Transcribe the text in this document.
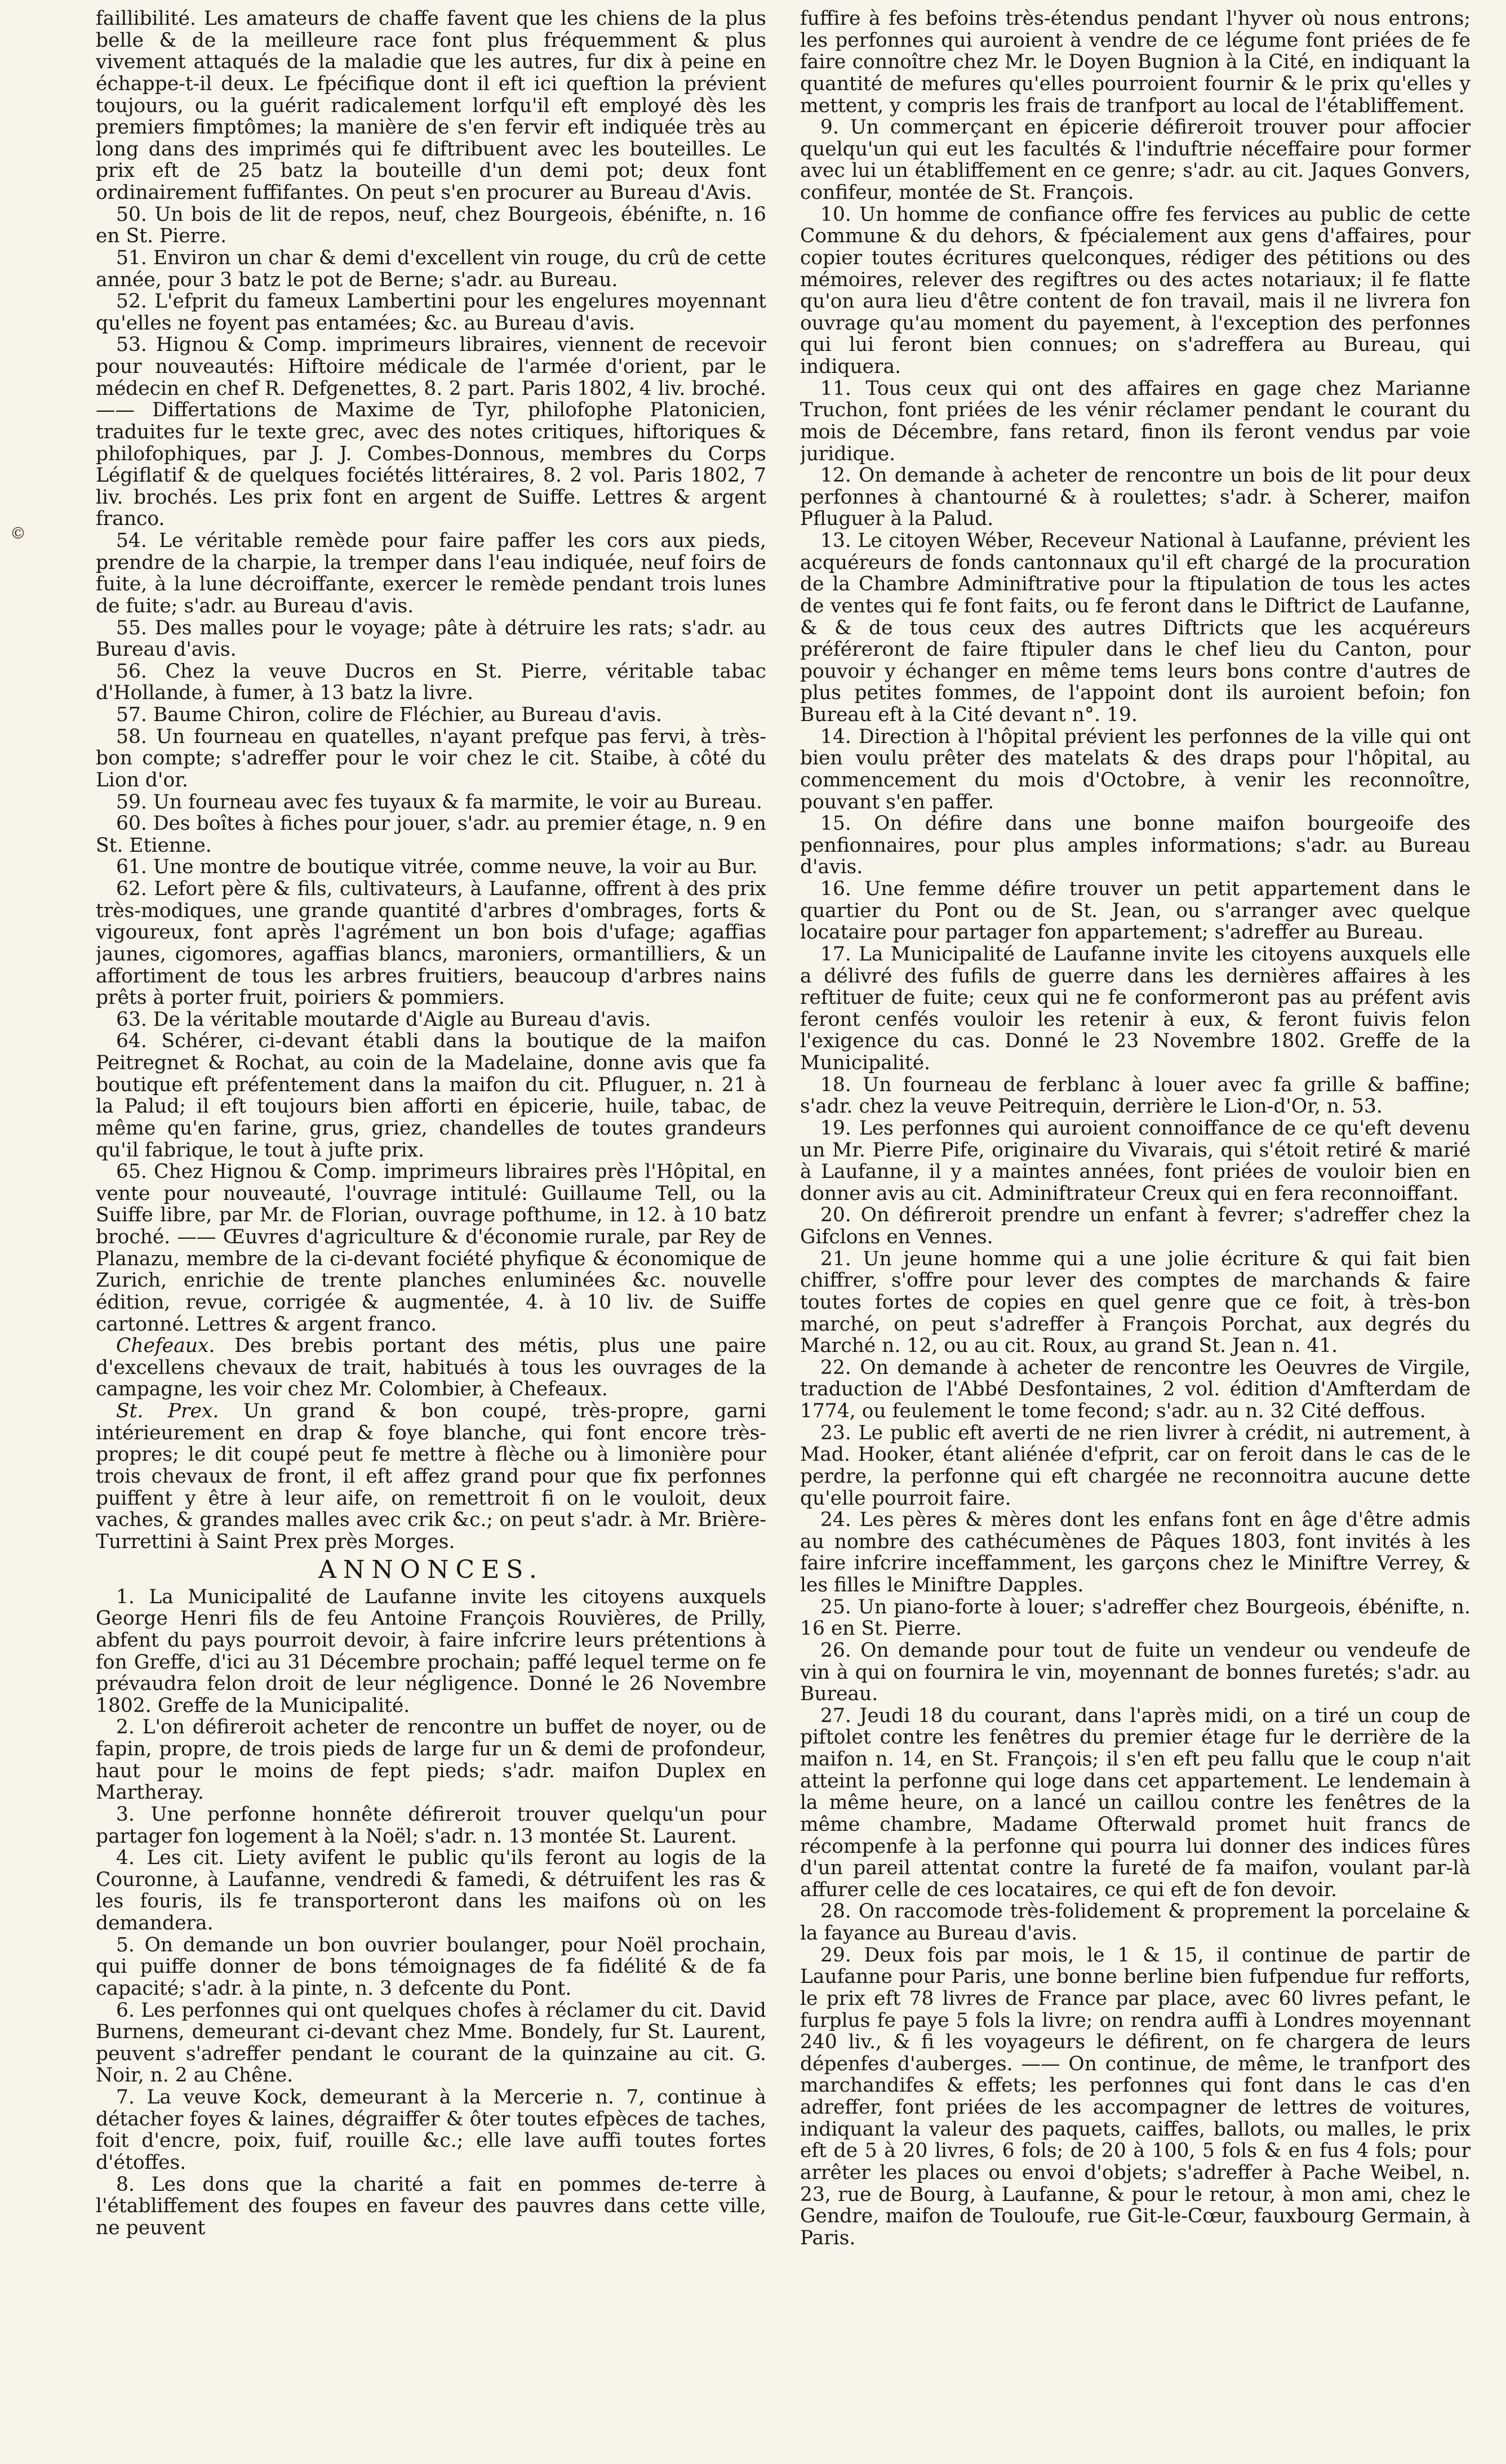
©

faillibilité. Les amateurs de chaffe favent que les chiens de la plus belle & de la meilleure race font plus fréquemment & plus vivement attaqués de la maladie que les autres, fur dix à peine en échappe-t-il deux. Le fpécifique dont il eft ici queftion la prévient toujours, ou la guérit radicalement lorfqu'il eft employé dès les premiers fimptômes; la manière de s'en fervir eft indiquée très au long dans des imprimés qui fe diftribuent avec les bouteilles. Le prix eft de 25 batz la bouteille d'un demi pot; deux font ordinairement fuffifantes. On peut s'en procurer au Bureau d'Avis.

50. Un bois de lit de repos, neuf, chez Bourgeois, ébénifte, n. 16 en St. Pierre.

51. Environ un char & demi d'excellent vin rouge, du crû de cette année, pour 3 batz le pot de Berne; s'adr. au Bureau.

52. L'efprit du fameux Lambertini pour les engelures moyennant qu'elles ne foyent pas entamées; &c. au Bureau d'avis.

53. Hignou & Comp. imprimeurs libraires, viennent de recevoir pour nouveautés: Hiftoire médicale de l'armée d'orient, par le médecin en chef R. Defgenettes, 8. 2 part. Paris 1802, 4 liv. broché. —— Differtations de Maxime de Tyr, philofophe Platonicien, traduites fur le texte grec, avec des notes critiques, hiftoriques & philofophiques, par J. J. Combes-Donnous, membres du Corps Légiflatif & de quelques fociétés littéraires, 8. 2 vol. Paris 1802, 7 liv. brochés. Les prix font en argent de Suiffe. Lettres & argent franco.

54. Le véritable remède pour faire paffer les cors aux pieds, prendre de la charpie, la tremper dans l'eau indiquée, neuf foirs de fuite, à la lune décroiffante, exercer le remède pendant trois lunes de fuite; s'adr. au Bureau d'avis.

55. Des malles pour le voyage; pâte à détruire les rats; s'adr. au Bureau d'avis.

56. Chez la veuve Ducros en St. Pierre, véritable tabac d'Hollande, à fumer, à 13 batz la livre.

57. Baume Chiron, colire de Fléchier, au Bureau d'avis.

58. Un fourneau en quatelles, n'ayant prefque pas fervi, à très-bon compte; s'adreffer pour le voir chez le cit. Staibe, à côté du Lion d'or.

59. Un fourneau avec fes tuyaux & fa marmite, le voir au Bureau.

60. Des boîtes à fiches pour jouer, s'adr. au premier étage, n. 9 en St. Etienne.

61. Une montre de boutique vitrée, comme neuve, la voir au Bur.

62. Lefort père & fils, cultivateurs, à Laufanne, offrent à des prix très-modiques, une grande quantité d'arbres d'ombrages, forts & vigoureux, font après l'agrément un bon bois d'ufage; agaffias jaunes, cigomores, agaffias blancs, maroniers, ormantilliers, & un affortiment de tous les arbres fruitiers, beaucoup d'arbres nains prêts à porter fruit, poiriers & pommiers.

63. De la véritable moutarde d'Aigle au Bureau d'avis.

64. Schérer, ci-devant établi dans la boutique de la maifon Peitregnet & Rochat, au coin de la Madelaine, donne avis que fa boutique eft préfentement dans la maifon du cit. Pfluguer, n. 21 à la Palud; il eft toujours bien afforti en épicerie, huile, tabac, de même qu'en farine, grus, griez, chandelles de toutes grandeurs qu'il fabrique, le tout à jufte prix.

65. Chez Hignou & Comp. imprimeurs libraires près l'Hôpital, en vente pour nouveauté, l'ouvrage intitulé: Guillaume Tell, ou la Suiffe libre, par Mr. de Florian, ouvrage pofthume, in 12. à 10 batz broché. —— Œuvres d'agriculture & d'économie rurale, par Rey de Planazu, membre de la ci-devant fociété phyfique & économique de Zurich, enrichie de trente planches enluminées &c. nouvelle édition, revue, corrigée & augmentée, 4. à 10 liv. de Suiffe cartonné. Lettres & argent franco.

Chefeaux. Des brebis portant des métis, plus une paire d'excellens chevaux de trait, habitués à tous les ouvrages de la campagne, les voir chez Mr. Colombier, à Chefeaux.

St. Prex. Un grand & bon coupé, très-propre, garni intérieurement en drap & foye blanche, qui font encore très-propres; le dit coupé peut fe mettre à flèche ou à limonière pour trois chevaux de front, il eft affez grand pour que fix perfonnes puiffent y être à leur aife, on remettroit fi on le vouloit, deux vaches, & grandes malles avec crik &c.; on peut s'adr. à Mr. Brière-Turrettini à Saint Prex près Morges.

ANNONCES.

1. La Municipalité de Laufanne invite les citoyens auxquels George Henri fils de feu Antoine François Rouvières, de Prilly, abfent du pays pourroit devoir, à faire infcrire leurs prétentions à fon Greffe, d'ici au 31 Décembre prochain; paffé lequel terme on fe prévaudra felon droit de leur négligence. Donné le 26 Novembre 1802. Greffe de la Municipalité.

2. L'on défireroit acheter de rencontre un buffet de noyer, ou de fapin, propre, de trois pieds de large fur un & demi de profondeur, haut pour le moins de fept pieds; s'adr. maifon Duplex en Martheray.

3. Une perfonne honnête défireroit trouver quelqu'un pour partager fon logement à la Noël; s'adr. n. 13 montée St. Laurent.

4. Les cit. Liety avifent le public qu'ils feront au logis de la Couronne, à Laufanne, vendredi & famedi, & détruifent les ras & les fouris, ils fe transporteront dans les maifons où on les demandera.

5. On demande un bon ouvrier boulanger, pour Noël prochain, qui puiffe donner de bons témoignages de fa fidélité & de fa capacité; s'adr. à la pinte, n. 3 defcente du Pont.

6. Les perfonnes qui ont quelques chofes à réclamer du cit. David Burnens, demeurant ci-devant chez Mme. Bondely, fur St. Laurent, peuvent s'adreffer pendant le courant de la quinzaine au cit. G. Noir, n. 2 au Chêne.

7. La veuve Kock, demeurant à la Mercerie n. 7, continue à détacher foyes & laines, dégraiffer & ôter toutes efpèces de taches, foit d'encre, poix, fuif, rouille &c.; elle lave auffi toutes fortes d'étoffes.

8. Les dons que la charité a fait en pommes de-terre à l'établiffement des foupes en faveur des pauvres dans cette ville, ne peuvent

fuffire à fes befoins très-étendus pendant l'hyver où nous entrons; les perfonnes qui auroient à vendre de ce légume font priées de fe faire connoître chez Mr. le Doyen Bugnion à la Cité, en indiquant la quantité de mefures qu'elles pourroient fournir & le prix qu'elles y mettent, y compris les frais de tranfport au local de l'établiffement.

9. Un commerçant en épicerie défireroit trouver pour affocier quelqu'un qui eut les facultés & l'induftrie néceffaire pour former avec lui un établiffement en ce genre; s'adr. au cit. Jaques Gonvers, confifeur, montée de St. François.

10. Un homme de confiance offre fes fervices au public de cette Commune & du dehors, & fpécialement aux gens d'affaires, pour copier toutes écritures quelconques, rédiger des pétitions ou des mémoires, relever des regiftres ou des actes notariaux; il fe flatte qu'on aura lieu d'être content de fon travail, mais il ne livrera fon ouvrage qu'au moment du payement, à l'exception des perfonnes qui lui feront bien connues; on s'adreffera au Bureau, qui indiquera.

11. Tous ceux qui ont des affaires en gage chez Marianne Truchon, font priées de les vénir réclamer pendant le courant du mois de Décembre, fans retard, finon ils feront vendus par voie juridique.

12. On demande à acheter de rencontre un bois de lit pour deux perfonnes à chantourné & à roulettes; s'adr. à Scherer, maifon Pfluguer à la Palud.

13. Le citoyen Wéber, Receveur National à Laufanne, prévient les acquéreurs de fonds cantonnaux qu'il eft chargé de la procuration de la Chambre Adminiftrative pour la ftipulation de tous les actes de ventes qui fe font faits, ou fe feront dans le Diftrict de Laufanne, & & de tous ceux des autres Diftricts que les acquéreurs préféreront de faire ftipuler dans le chef lieu du Canton, pour pouvoir y échanger en même tems leurs bons contre d'autres de plus petites fommes, de l'appoint dont ils auroient befoin; fon Bureau eft à la Cité devant n°. 19.

14. Direction à l'hôpital prévient les perfonnes de la ville qui ont bien voulu prêter des matelats & des draps pour l'hôpital, au commencement du mois d'Octobre, à venir les reconnoître, pouvant s'en paffer.

15. On défire dans une bonne maifon bourgeoife des penfionnaires, pour plus amples informations; s'adr. au Bureau d'avis.

16. Une femme défire trouver un petit appartement dans le quartier du Pont ou de St. Jean, ou s'arranger avec quelque locataire pour partager fon appartement; s'adreffer au Bureau.

17. La Municipalité de Laufanne invite les citoyens auxquels elle a délivré des fufils de guerre dans les dernières affaires à les reftituer de fuite; ceux qui ne fe conformeront pas au préfent avis feront cenfés vouloir les retenir à eux, & feront fuivis felon l'exigence du cas. Donné le 23 Novembre 1802. Greffe de la Municipalité.

18. Un fourneau de ferblanc à louer avec fa grille & baffine; s'adr. chez la veuve Peitrequin, derrière le Lion-d'Or, n. 53.

19. Les perfonnes qui auroient connoiffance de ce qu'eft devenu un Mr. Pierre Pife, originaire du Vivarais, qui s'étoit retiré & marié à Laufanne, il y a maintes années, font priées de vouloir bien en donner avis au cit. Adminiftrateur Creux qui en fera reconnoiffant.

20. On défireroit prendre un enfant à fevrer; s'adreffer chez la Gifclons en Vennes.

21. Un jeune homme qui a une jolie écriture & qui fait bien chiffrer, s'offre pour lever des comptes de marchands & faire toutes fortes de copies en quel genre que ce foit, à très-bon marché, on peut s'adreffer à François Porchat, aux degrés du Marché n. 12, ou au cit. Roux, au grand St. Jean n. 41.

22. On demande à acheter de rencontre les Oeuvres de Virgile, traduction de l'Abbé Desfontaines, 2 vol. édition d'Amfterdam de 1774, ou feulement le tome fecond; s'adr. au n. 32 Cité deffous.

23. Le public eft averti de ne rien livrer à crédit, ni autrement, à Mad. Hooker, étant aliénée d'efprit, car on feroit dans le cas de le perdre, la perfonne qui eft chargée ne reconnoitra aucune dette qu'elle pourroit faire.

24. Les pères & mères dont les enfans font en âge d'être admis au nombre des cathécumènes de Pâques 1803, font invités à les faire infcrire inceffamment, les garçons chez le Miniftre Verrey, & les filles le Miniftre Dapples.

25. Un piano-forte à louer; s'adreffer chez Bourgeois, ébénifte, n. 16 en St. Pierre.

26. On demande pour tout de fuite un vendeur ou vendeufe de vin à qui on fournira le vin, moyennant de bonnes furetés; s'adr. au Bureau.

27. Jeudi 18 du courant, dans l'après midi, on a tiré un coup de piftolet contre les fenêtres du premier étage fur le derrière de la maifon n. 14, en St. François; il s'en eft peu fallu que le coup n'ait atteint la perfonne qui loge dans cet appartement. Le lendemain à la même heure, on a lancé un caillou contre les fenêtres de la même chambre, Madame Ofterwald promet huit francs de récompenfe à la perfonne qui pourra lui donner des indices fûres d'un pareil attentat contre la fureté de fa maifon, voulant par-là affurer celle de ces locataires, ce qui eft de fon devoir.

28. On raccomode très-folidement & proprement la porcelaine & la fayance au Bureau d'avis.

29. Deux fois par mois, le 1 & 15, il continue de partir de Laufanne pour Paris, une bonne berline bien fufpendue fur refforts, le prix eft 78 livres de France par place, avec 60 livres pefant, le furplus fe paye 5 fols la livre; on rendra auffi à Londres moyennant 240 liv., & fi les voyageurs le défirent, on fe chargera de leurs dépenfes d'auberges. —— On continue, de même, le tranfport des marchandifes & effets; les perfonnes qui font dans le cas d'en adreffer, font priées de les accompagner de lettres de voitures, indiquant la valeur des paquets, caiffes, ballots, ou malles, le prix eft de 5 à 20 livres, 6 fols; de 20 à 100, 5 fols & en fus 4 fols; pour arrêter les places ou envoi d'objets; s'adreffer à Pache Weibel, n. 23, rue de Bourg, à Laufanne, & pour le retour, à mon ami, chez le Gendre, maifon de Touloufe, rue Git-le-Cœur, fauxbourg Germain, à Paris.
